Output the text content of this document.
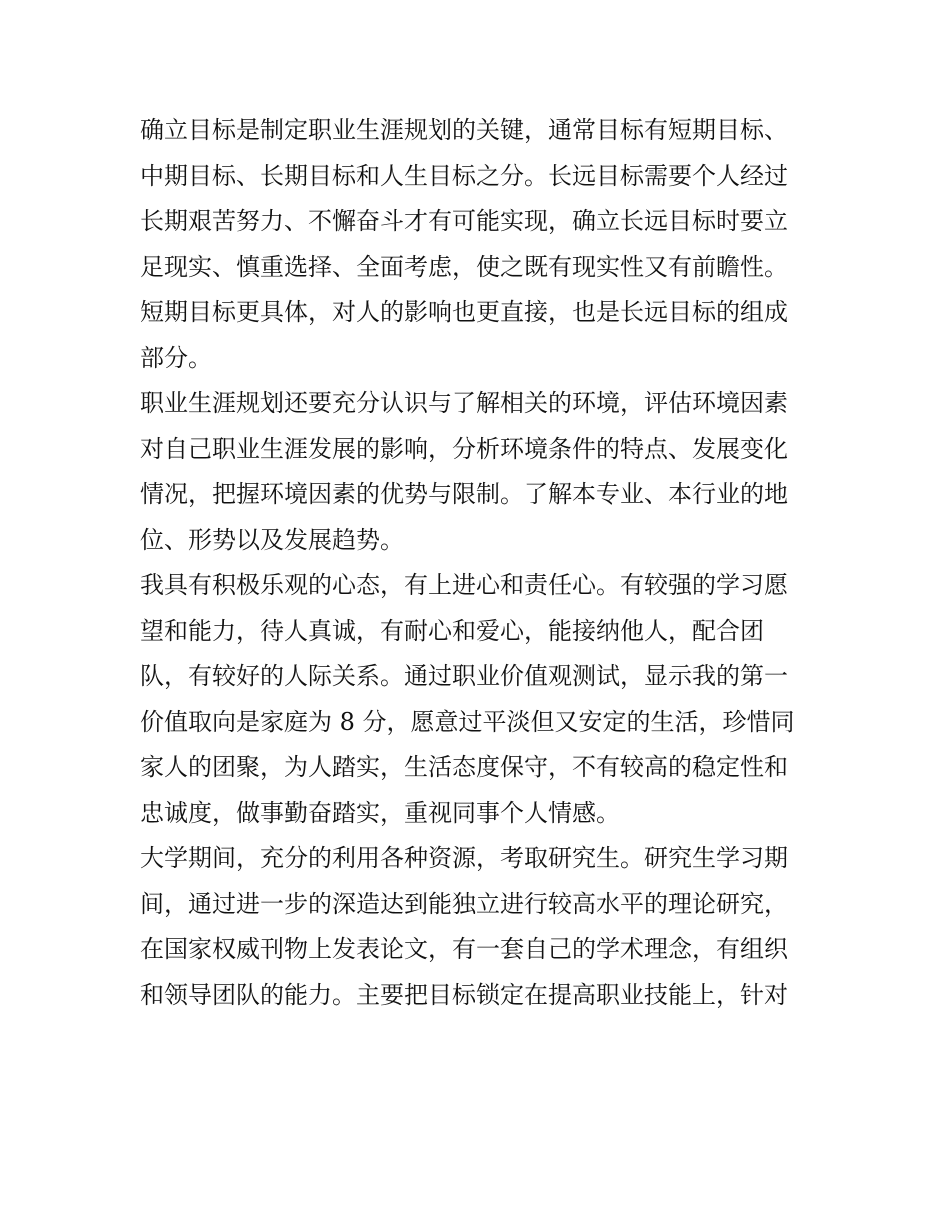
确立目标是制定职业生涯规划的关键，通常目标有短期目标、
中期目标、长期目标和人生目标之分。长远目标需要个人经过
长期艰苦努力、不懈奋斗才有可能实现，确立长远目标时要立
足现实、慎重选择、全面考虑，使之既有现实性又有前瞻性。
短期目标更具体，对人的影响也更直接，也是长远目标的组成
部分。
职业生涯规划还要充分认识与了解相关的环境，评估环境因素
对自己职业生涯发展的影响，分析环境条件的特点、发展变化
情况，把握环境因素的优势与限制。了解本专业、本行业的地
位、形势以及发展趋势。
我具有积极乐观的心态，有上进心和责任心。有较强的学习愿
望和能力，待人真诚，有耐心和爱心，能接纳他人，配合团
队，有较好的人际关系。通过职业价值观测试，显示我的第一
价值取向是家庭为 8 分，愿意过平淡但又安定的生活，珍惜同
家人的团聚，为人踏实，生活态度保守，不有较高的稳定性和
忠诚度，做事勤奋踏实，重视同事个人情感。
大学期间，充分的利用各种资源，考取研究生。研究生学习期
间，通过进一步的深造达到能独立进行较高水平的理论研究，
在国家权威刊物上发表论文，有一套自己的学术理念，有组织
和领导团队的能力。主要把目标锁定在提高职业技能上，针对
